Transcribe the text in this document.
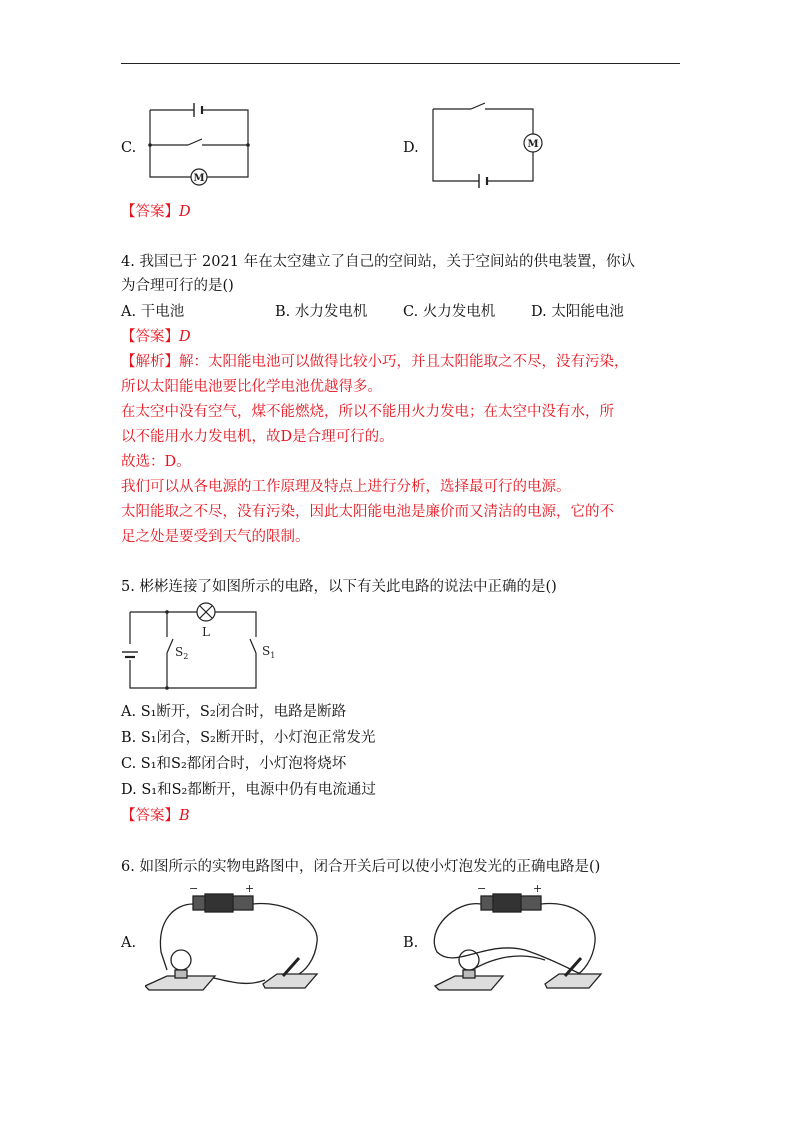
C.
M
D.	M
【答案】D
4. 我国已于 2021 年在太空建立了自己的空间站，关于空间站的供电装置，你认
为合理可行的是()
A. 干电池	B. 水力发电机 C. 火力发电机 D. 太阳能电池
【答案】D
【解析】解：太阳能电池可以做得比较小巧，并且太阳能取之不尽，没有污染，
所以太阳能电池要比化学电池优越得多。
在太空中没有空气，煤不能燃烧，所以不能用火力发电；在太空中没有水，所
以不能用水力发电机，故D是合理可行的。
故选：D。
我们可以从各电源的工作原理及特点上进行分析，选择最可行的电源。
太阳能取之不尽，没有污染，因此太阳能电池是廉价而又清洁的电源，它的不
足之处是要受到天气的限制。
5. 彬彬连接了如图所示的电路，以下有关此电路的说法中正确的是()
L
$S_2$	$S_1$
A. S₁断开，S₂闭合时，电路是断路
B. S₁闭合，S₂断开时，小灯泡正常发光
C. S₁和S₂都闭合时，小灯泡将烧坏
D. S₁和S₂都断开，电源中仍有电流通过
【答案】B
6. 如图所示的实物电路图中，闭合开关后可以使小灯泡发光的正确电路是()
A.
−	+
B.
−	+
